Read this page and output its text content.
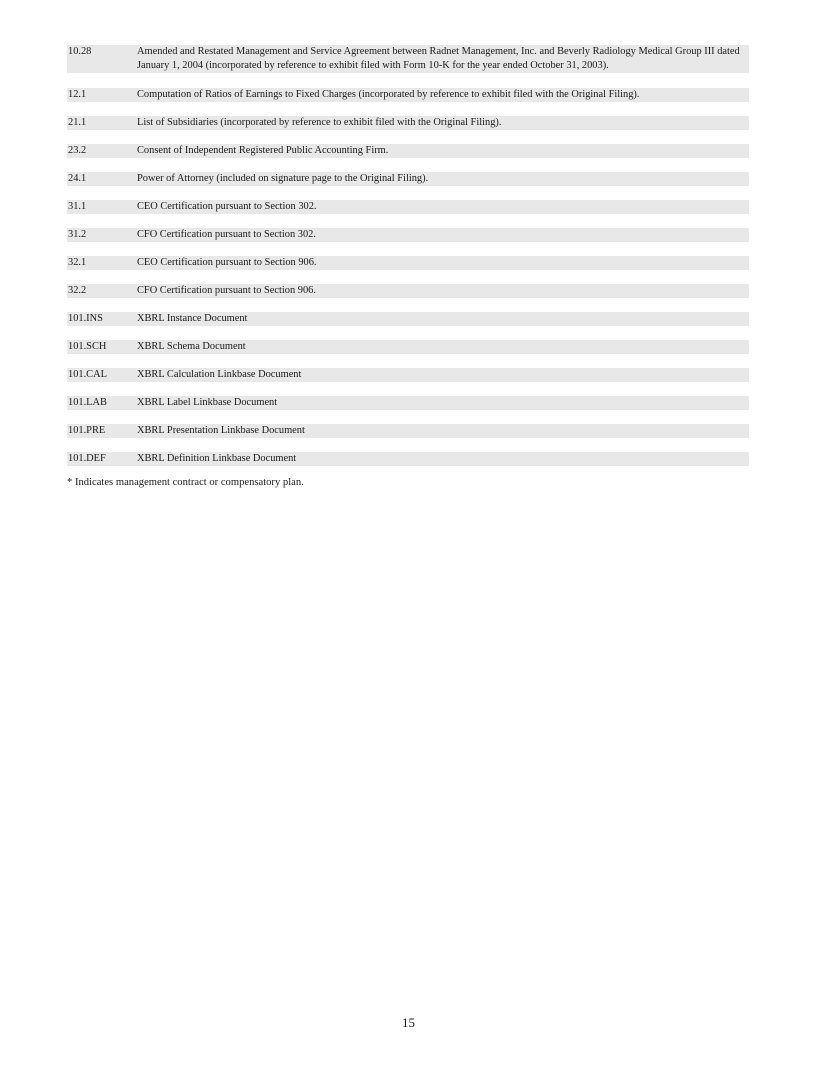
10.28	Amended and Restated Management and Service Agreement between Radnet Management, Inc. and Beverly Radiology Medical Group III dated January 1, 2004 (incorporated by reference to exhibit filed with Form 10-K for the year ended October 31, 2003).
12.1	Computation of Ratios of Earnings to Fixed Charges (incorporated by reference to exhibit filed with the Original Filing).
21.1	List of Subsidiaries (incorporated by reference to exhibit filed with the Original Filing).
23.2	Consent of Independent Registered Public Accounting Firm.
24.1	Power of Attorney (included on signature page to the Original Filing).
31.1	CEO Certification pursuant to Section 302.
31.2	CFO Certification pursuant to Section 302.
32.1	CEO Certification pursuant to Section 906.
32.2	CFO Certification pursuant to Section 906.
101.INS	XBRL Instance Document
101.SCH	XBRL Schema Document
101.CAL	XBRL Calculation Linkbase Document
101.LAB	XBRL Label Linkbase Document
101.PRE	XBRL Presentation Linkbase Document
101.DEF	XBRL Definition Linkbase Document
* Indicates management contract or compensatory plan.
15
